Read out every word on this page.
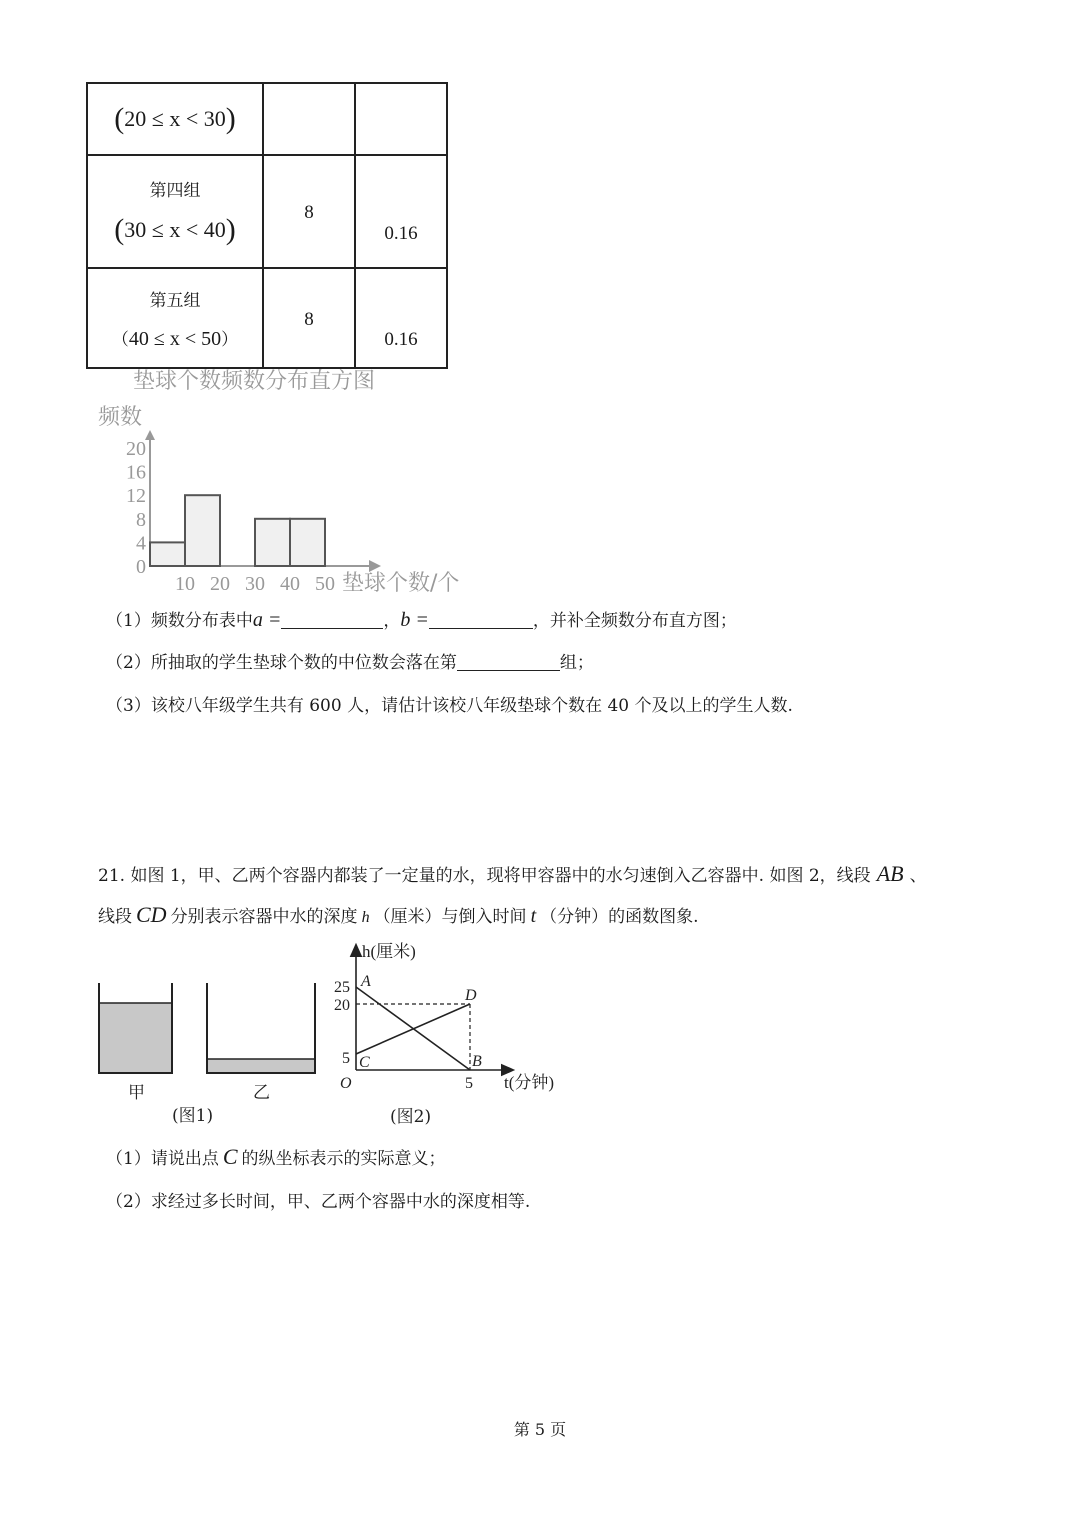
(20 ≤ x < 30)		

第四组
(30 ≤ x < 40)	8	0.16

第五组
（40 ≤ x < 50）	8	0.16
垫球个数频数分布直方图
频数
垫球个数/个
0
4
8
12
16
20
10 20 30 40 50
（1）频数分布表中a =	，b =	，并补全频数分布直方图；
（2）所抽取的学生垫球个数的中位数会落在第	组；
（3）该校八年级学生共有 600 人，请估计该校八年级垫球个数在 40 个及以上的学生人数.
21. 如图 1，甲、乙两个容器内都装了一定量的水，现将甲容器中的水匀速倒入乙容器中. 如图 2，线段 AB 、
线段 CD 分别表示容器中水的深度 h （厘米）与倒入时间 t （分钟）的函数图象.
甲	乙
(图1)
h(厘米)
t(分钟)
25
20
5
5
O
A
B
C
D
(图2)
（1）请说出点 C 的纵坐标表示的实际意义；
（2）求经过多长时间，甲、乙两个容器中水的深度相等.
第 5 页
